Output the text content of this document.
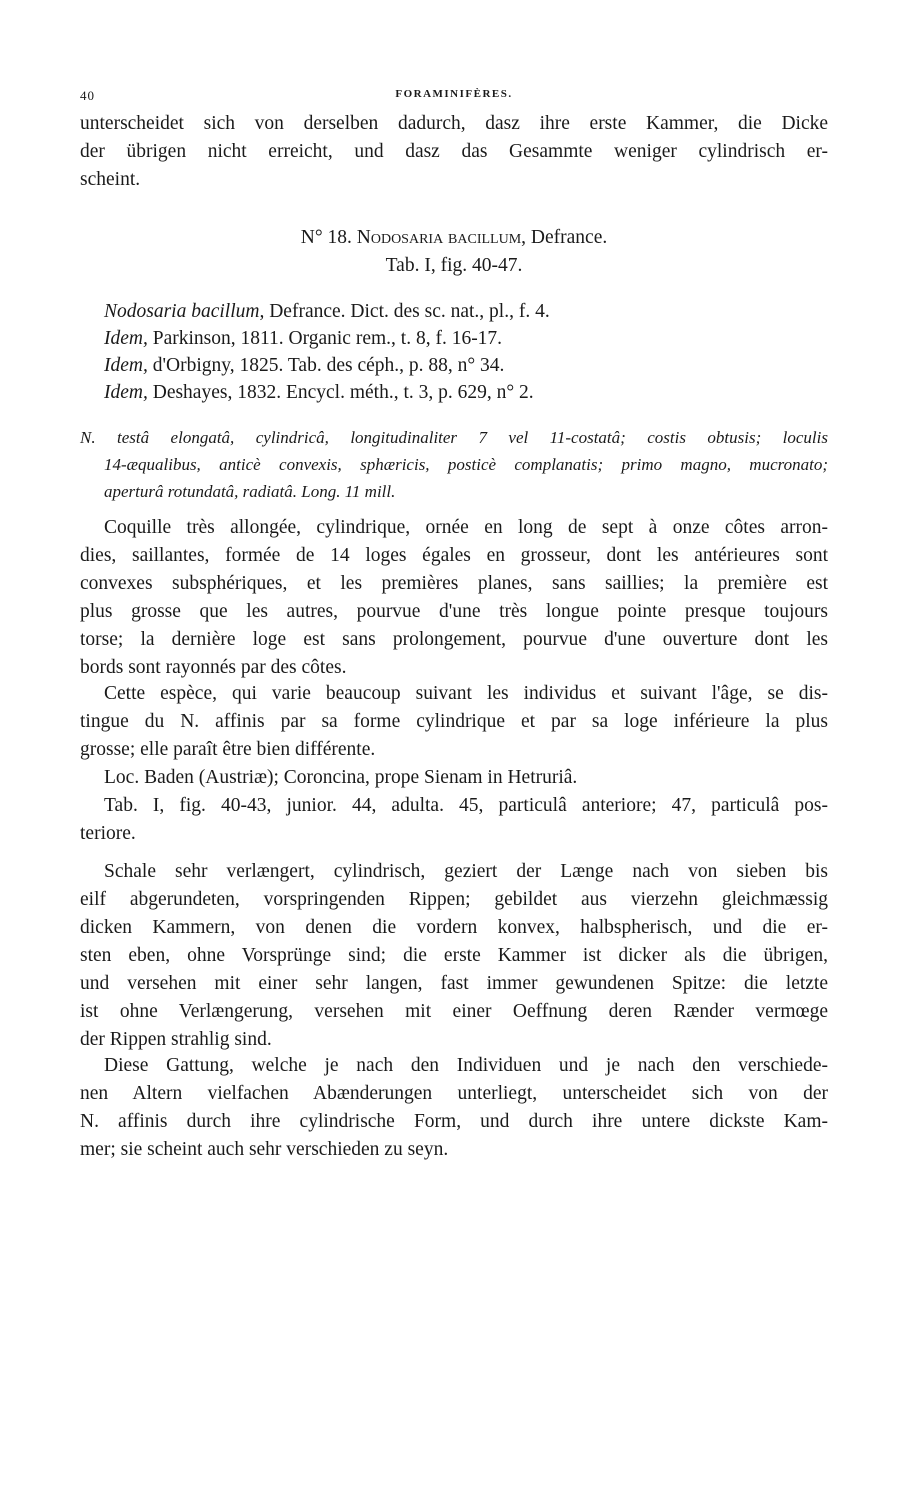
40	FORAMINIFÈRES.
unterscheidet sich von derselben dadurch, dasz ihre erste Kammer, die Dicke
der übrigen nicht erreicht, und dasz das Gesammte weniger cylindrisch er-
scheint.
N° 18. Nodosaria bacillum, Defrance.
Tab. I, fig. 40-47.
Nodosaria bacillum, Defrance. Dict. des sc. nat., pl., f. 4.
Idem, Parkinson, 1811. Organic rem., t. 8, f. 16-17.
Idem, d'Orbigny, 1825. Tab. des céph., p. 88, n° 34.
Idem, Deshayes, 1832. Encycl. méth., t. 3, p. 629, n° 2.
N. testâ elongatâ, cylindricâ, longitudinaliter 7 vel 11-costatâ; costis obtusis; loculis
14-æqualibus, anticè convexis, sphæricis, posticè complanatis; primo magno, mucronato;
aperturâ rotundatâ, radiatâ. Long. 11 mill.
Coquille très allongée, cylindrique, ornée en long de sept à onze côtes arron-
dies, saillantes, formée de 14 loges égales en grosseur, dont les antérieures sont
convexes subsphériques, et les premières planes, sans saillies; la première est
plus grosse que les autres, pourvue d'une très longue pointe presque toujours
torse; la dernière loge est sans prolongement, pourvue d'une ouverture dont les
bords sont rayonnés par des côtes.
Cette espèce, qui varie beaucoup suivant les individus et suivant l'âge, se dis-
tingue du N. affinis par sa forme cylindrique et par sa loge inférieure la plus
grosse; elle paraît être bien différente.
Loc. Baden (Austriæ); Coroncina, prope Sienam in Hetruriâ.
Tab. I, fig. 40-43, junior. 44, adulta. 45, particulâ anteriore; 47, particulâ pos-
teriore.
Schale sehr verlængert, cylindrisch, geziert der Længe nach von sieben bis
eilf abgerundeten, vorspringenden Rippen; gebildet aus vierzehn gleichmæssig
dicken Kammern, von denen die vordern konvex, halbspherisch, und die er-
sten eben, ohne Vorsprünge sind; die erste Kammer ist dicker als die übrigen,
und versehen mit einer sehr langen, fast immer gewundenen Spitze: die letzte
ist ohne Verlængerung, versehen mit einer Oeffnung deren Rænder vermœge
der Rippen strahlig sind.
Diese Gattung, welche je nach den Individuen und je nach den verschiede-
nen Altern vielfachen Abænderungen unterliegt, unterscheidet sich von der
N. affinis durch ihre cylindrische Form, und durch ihre untere dickste Kam-
mer; sie scheint auch sehr verschieden zu seyn.
